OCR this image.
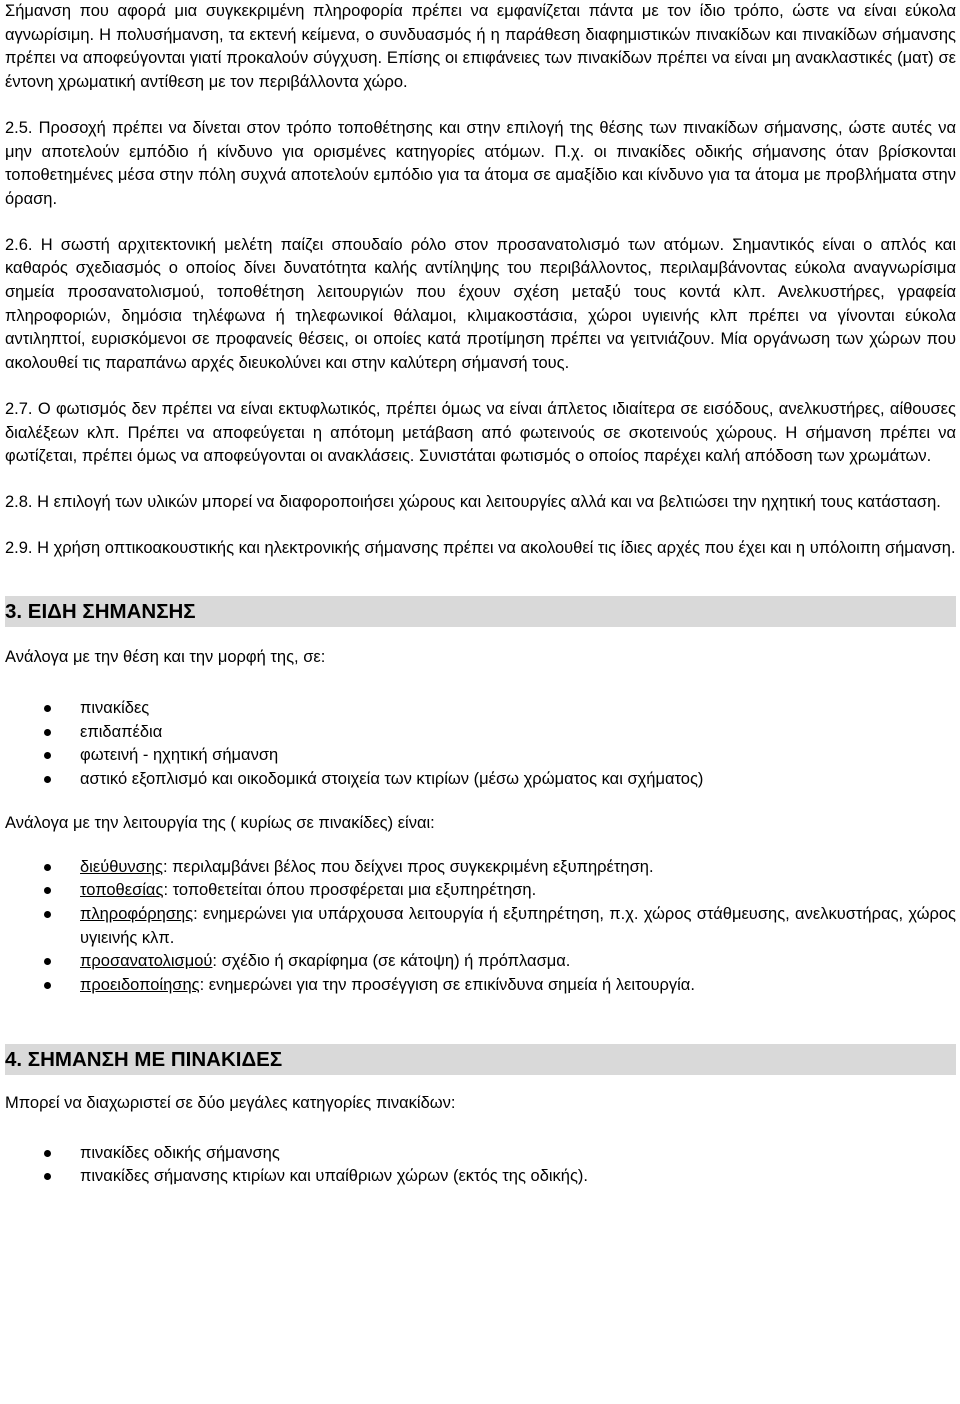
Σήμανση που αφορά μια συγκεκριμένη πληροφορία πρέπει να εμφανίζεται πάντα με τον ίδιο τρόπο, ώστε να είναι εύκολα αγνωρίσιμη. Η πολυσήμανση, τα εκτενή κείμενα, ο συνδυασμός ή η παράθεση διαφημιστικών πινακίδων και πινακίδων σήμανσης πρέπει να αποφεύγονται γιατί προκαλούν σύγχυση. Επίσης οι επιφάνειες των πινακίδων πρέπει να είναι μη ανακλαστικές (ματ) σε έντονη χρωματική αντίθεση με τον περιβάλλοντα χώρο.

2.5. Προσοχή πρέπει να δίνεται στον τρόπο τοποθέτησης και στην επιλογή της θέσης των πινακίδων σήμανσης, ώστε αυτές να μην αποτελούν εμπόδιο ή κίνδυνο για ορισμένες κατηγορίες ατόμων. Π.χ. οι πινακίδες οδικής σήμανσης όταν βρίσκονται τοποθετημένες μέσα στην πόλη συχνά αποτελούν εμπόδιο για τα άτομα σε αμαξίδιο και κίνδυνο για τα άτομα με προβλήματα στην όραση.

2.6. Η σωστή αρχιτεκτονική μελέτη παίζει σπουδαίο ρόλο στον προσανατολισμό των ατόμων. Σημαντικός είναι ο απλός και καθαρός σχεδιασμός ο οποίος δίνει δυνατότητα καλής αντίληψης του περιβάλλοντος, περιλαμβάνοντας εύκολα αναγνωρίσιμα σημεία προσανατολισμού, τοποθέτηση λειτουργιών που έχουν σχέση μεταξύ τους κοντά κλπ. Ανελκυστήρες, γραφεία πληροφοριών, δημόσια τηλέφωνα ή τηλεφωνικοί θάλαμοι, κλιμακοστάσια, χώροι υγιεινής κλπ πρέπει να γίνονται εύκολα αντιληπτοί, ευρισκόμενοι σε προφανείς θέσεις, οι οποίες κατά προτίμηση πρέπει να γειτνιάζουν. Μία οργάνωση των χώρων που ακολουθεί τις παραπάνω αρχές διευκολύνει και στην καλύτερη σήμανσή τους.

2.7. Ο φωτισμός δεν πρέπει να είναι εκτυφλωτικός, πρέπει όμως να είναι άπλετος ιδιαίτερα σε εισόδους, ανελκυστήρες, αίθουσες διαλέξεων κλπ. Πρέπει να αποφεύγεται η απότομη μετάβαση από φωτεινούς σε σκοτεινούς χώρους. Η σήμανση πρέπει να φωτίζεται, πρέπει όμως να αποφεύγονται οι ανακλάσεις. Συνιστάται φωτισμός ο οποίος παρέχει καλή απόδοση των χρωμάτων.

2.8. Η επιλογή των υλικών μπορεί να διαφοροποιήσει χώρους και λειτουργίες αλλά και να βελτιώσει την ηχητική τους κατάσταση.

2.9. Η χρήση οπτικοακουστικής και ηλεκτρονικής σήμανσης πρέπει να ακολουθεί τις ίδιες αρχές που έχει και η υπόλοιπη σήμανση.

3. ΕΙΔΗ ΣΗΜΑΝΣΗΣ

Ανάλογα με την θέση και την μορφή της, σε:

πινακίδες
επιδαπέδια
φωτεινή - ηχητική σήμανση
αστικό εξοπλισμό και οικοδομικά στοιχεία των κτιρίων (μέσω χρώματος και σχήματος)

Ανάλογα με την λειτουργία της ( κυρίως σε πινακίδες) είναι:

διεύθυνσης: περιλαμβάνει βέλος που δείχνει προς συγκεκριμένη εξυπηρέτηση.
τοποθεσίας: τοποθετείται όπου προσφέρεται μια εξυπηρέτηση.
πληροφόρησης: ενημερώνει για υπάρχουσα λειτουργία ή εξυπηρέτηση, π.χ. χώρος στάθμευσης, ανελκυστήρας, χώρος υγιεινής κλπ.
προσανατολισμού: σχέδιο ή σκαρίφημα (σε κάτοψη) ή πρόπλασμα.
προειδοποίησης: ενημερώνει για την προσέγγιση σε επικίνδυνα σημεία ή λειτουργία.
4. ΣΗΜΑΝΣΗ ΜΕ ΠΙΝΑΚΙΔΕΣ

Μπορεί να διαχωριστεί σε δύο μεγάλες κατηγορίες πινακίδων:

πινακίδες οδικής σήμανσης
πινακίδες σήμανσης κτιρίων και υπαίθριων χώρων (εκτός της οδικής).
